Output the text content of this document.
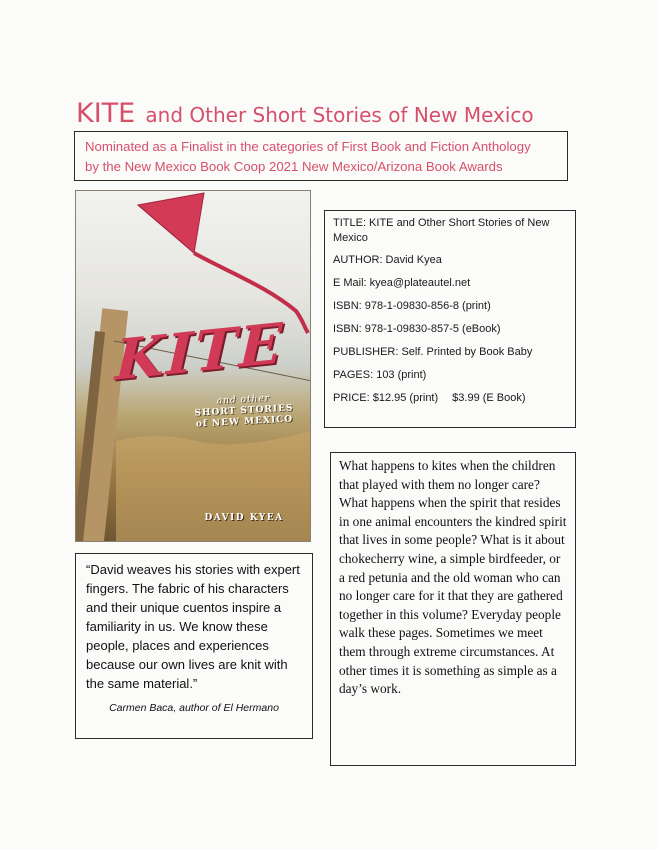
KITE and Other Short Stories of New Mexico
Nominated as a Finalist in the categories of First Book and Fiction Anthology
by the New Mexico Book Coop 2021 New Mexico/Arizona Book Awards
KITE
and other
SHORT STORIES
of NEW MEXICO
DAVID KYEA
TITLE: KITE and Other Short Stories of New Mexico
AUTHOR: David Kyea
E Mail: kyea@plateautel.net
ISBN: 978-1-09830-856-8 (print)
ISBN: 978-1-09830-857-5 (eBook)
PUBLISHER: Self. Printed by Book Baby
PAGES: 103 (print)
PRICE: $12.95 (print) $3.99 (E Book)
“David weaves his stories with expert fingers. The fabric of his characters and their unique cuentos inspire a familiarity in us. We know these people, places and experiences because our own lives are knit with the same material.”
Carmen Baca, author of El Hermano
What happens to kites when the children that played with them no longer care? What happens when the spirit that resides in one animal encounters the kindred spirit that lives in some people? What is it about chokecherry wine, a simple birdfeeder, or a red petunia and the old woman who can no longer care for it that they are gathered together in this volume? Everyday people walk these pages. Sometimes we meet them through extreme circumstances. At other times it is something as simple as a day’s work.
